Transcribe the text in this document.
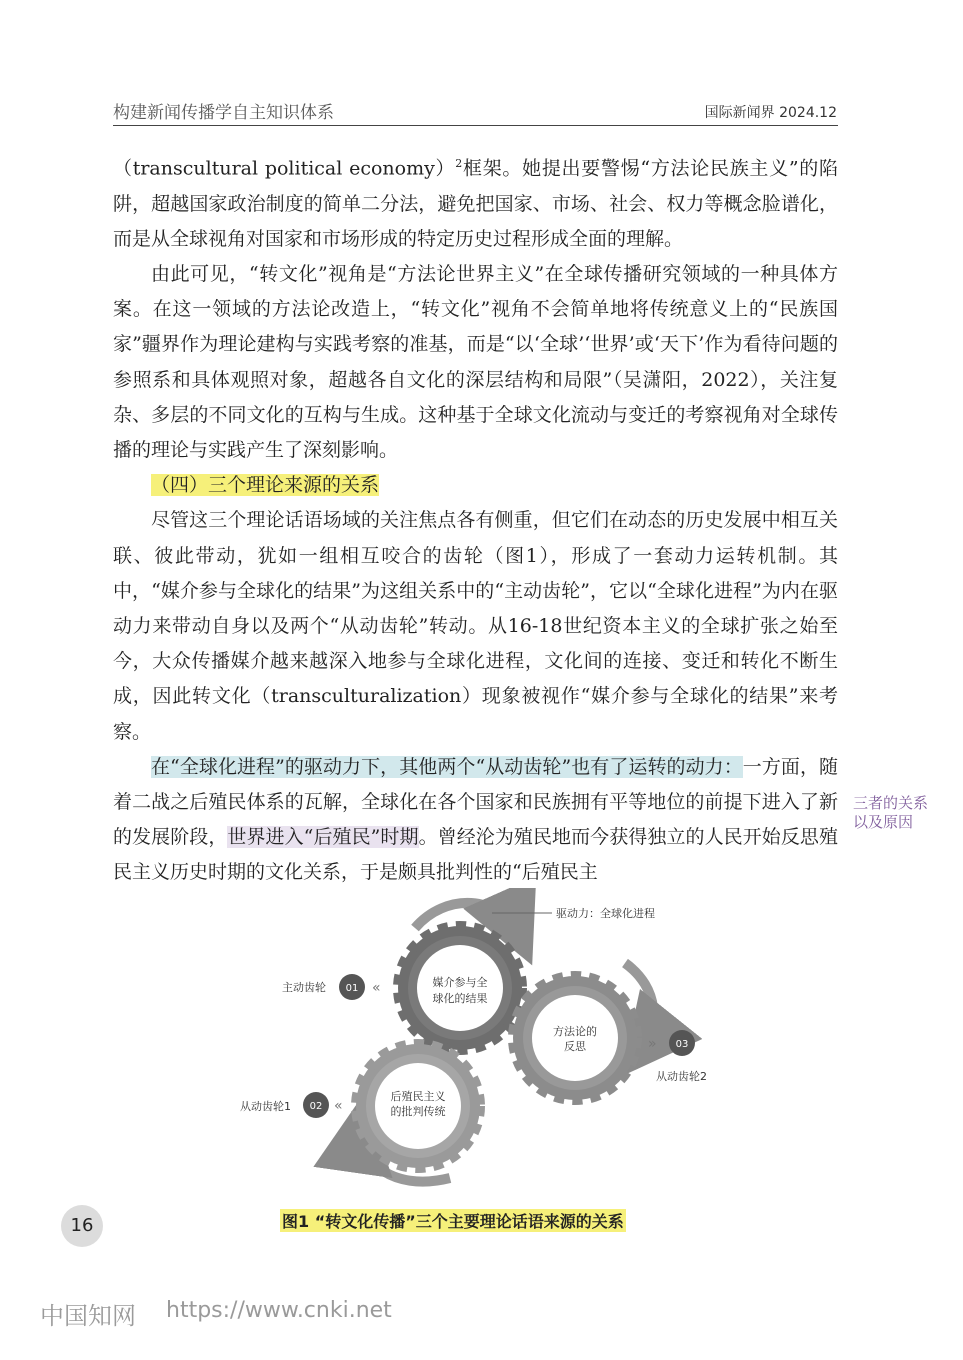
构建新闻传播学自主知识体系	国际新闻界 2024.12

（transcultural political economy）$^2$框架。她提出要警惕“方法论民族主义”的陷阱，超越国家政治制度的简单二分法，避免把国家、市场、社会、权力等概念脸谱化，而是从全球视角对国家和市场形成的特定历史过程形成全面的理解。

由此可见，“转文化”视角是“方法论世界主义”在全球传播研究领域的一种具体方案。在这一领域的方法论改造上，“转文化”视角不会简单地将传统意义上的“民族国家”疆界作为理论建构与实践考察的准基，而是“以‘全球’‘世界’或‘天下’作为看待问题的参照系和具体观照对象，超越各自文化的深层结构和局限”（吴潇阳，2022），关注复杂、多层的不同文化的互构与生成。这种基于全球文化流动与变迁的考察视角对全球传播的理论与实践产生了深刻影响。

（四）三个理论来源的关系

尽管这三个理论话语场域的关注焦点各有侧重，但它们在动态的历史发展中相互关联、彼此带动，犹如一组相互咬合的齿轮（图1），形成了一套动力运转机制。其中，“媒介参与全球化的结果”为这组关系中的“主动齿轮”，它以“全球化进程”为内在驱动力来带动自身以及两个“从动齿轮”转动。从16-18世纪资本主义的全球扩张之始至今，大众传播媒介越来越深入地参与全球化进程，文化间的连接、变迁和转化不断生成，因此转文化（transculturalization）现象被视作“媒介参与全球化的结果”来考察。

在“全球化进程”的驱动力下，其他两个“从动齿轮”也有了运转的动力：一方面，随着二战之后殖民体系的瓦解，全球化在各个国家和民族拥有平等地位的前提下进入了新的发展阶段，世界进入“后殖民”时期。曾经沦为殖民地而今获得独立的人民开始反思殖民主义历史时期的文化关系，于是颇具批判性的“后殖民主

三者的关系
以及原因
驱动力：全球化进程
媒介参与全
球化的结果
方法论的
反思
后殖民主义
的批判传统
主动齿轮 01 «
从动齿轮1 02 «
» 03
从动齿轮2
图1 “转文化传播”三个主要理论话语来源的关系
16
中国知网 https://www.cnki.net
